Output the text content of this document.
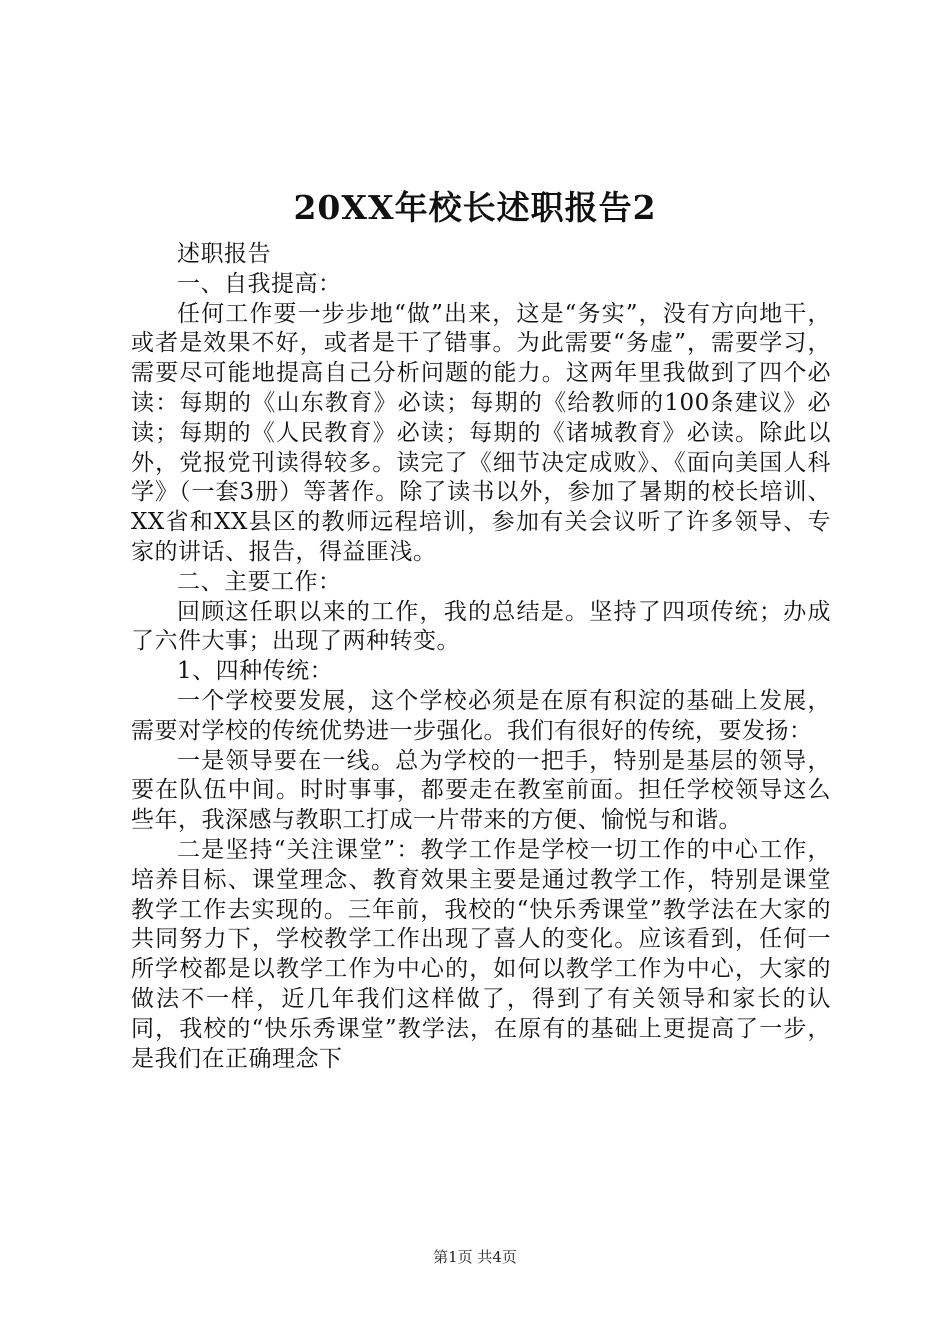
20XX年校长述职报告2

述职报告

一、自我提高：

任何工作要一步步地“做”出来，这是“务实”，没有方向地干，或者是效果不好，或者是干了错事。为此需要“务虚”，需要学习，需要尽可能地提高自己分析问题的能力。这两年里我做到了四个必读：每期的《山东教育》必读；每期的《给教师的100条建议》必读；每期的《人民教育》必读；每期的《诸城教育》必读。除此以外，党报党刊读得较多。读完了《细节决定成败》、《面向美国人科学》（一套3册）等著作。除了读书以外，参加了暑期的校长培训、XX省和XX县区的教师远程培训，参加有关会议听了许多领导、专家的讲话、报告，得益匪浅。

二、主要工作：

回顾这任职以来的工作，我的总结是。坚持了四项传统；办成了六件大事；出现了两种转变。

1、四种传统：

一个学校要发展，这个学校必须是在原有积淀的基础上发展，需要对学校的传统优势进一步强化。我们有很好的传统，要发扬：

一是领导要在一线。总为学校的一把手，特别是基层的领导，要在队伍中间。时时事事，都要走在教室前面。担任学校领导这么些年，我深感与教职工打成一片带来的方便、愉悦与和谐。

二是坚持“关注课堂”：教学工作是学校一切工作的中心工作，培养目标、课堂理念、教育效果主要是通过教学工作，特别是课堂教学工作去实现的。三年前，我校的“快乐秀课堂”教学法在大家的共同努力下，学校教学工作出现了喜人的变化。应该看到，任何一所学校都是以教学工作为中心的，如何以教学工作为中心，大家的做法不一样，近几年我们这样做了，得到了有关领导和家长的认同，我校的“快乐秀课堂”教学法，在原有的基础上更提高了一步，是我们在正确理念下

第1页 共4页
